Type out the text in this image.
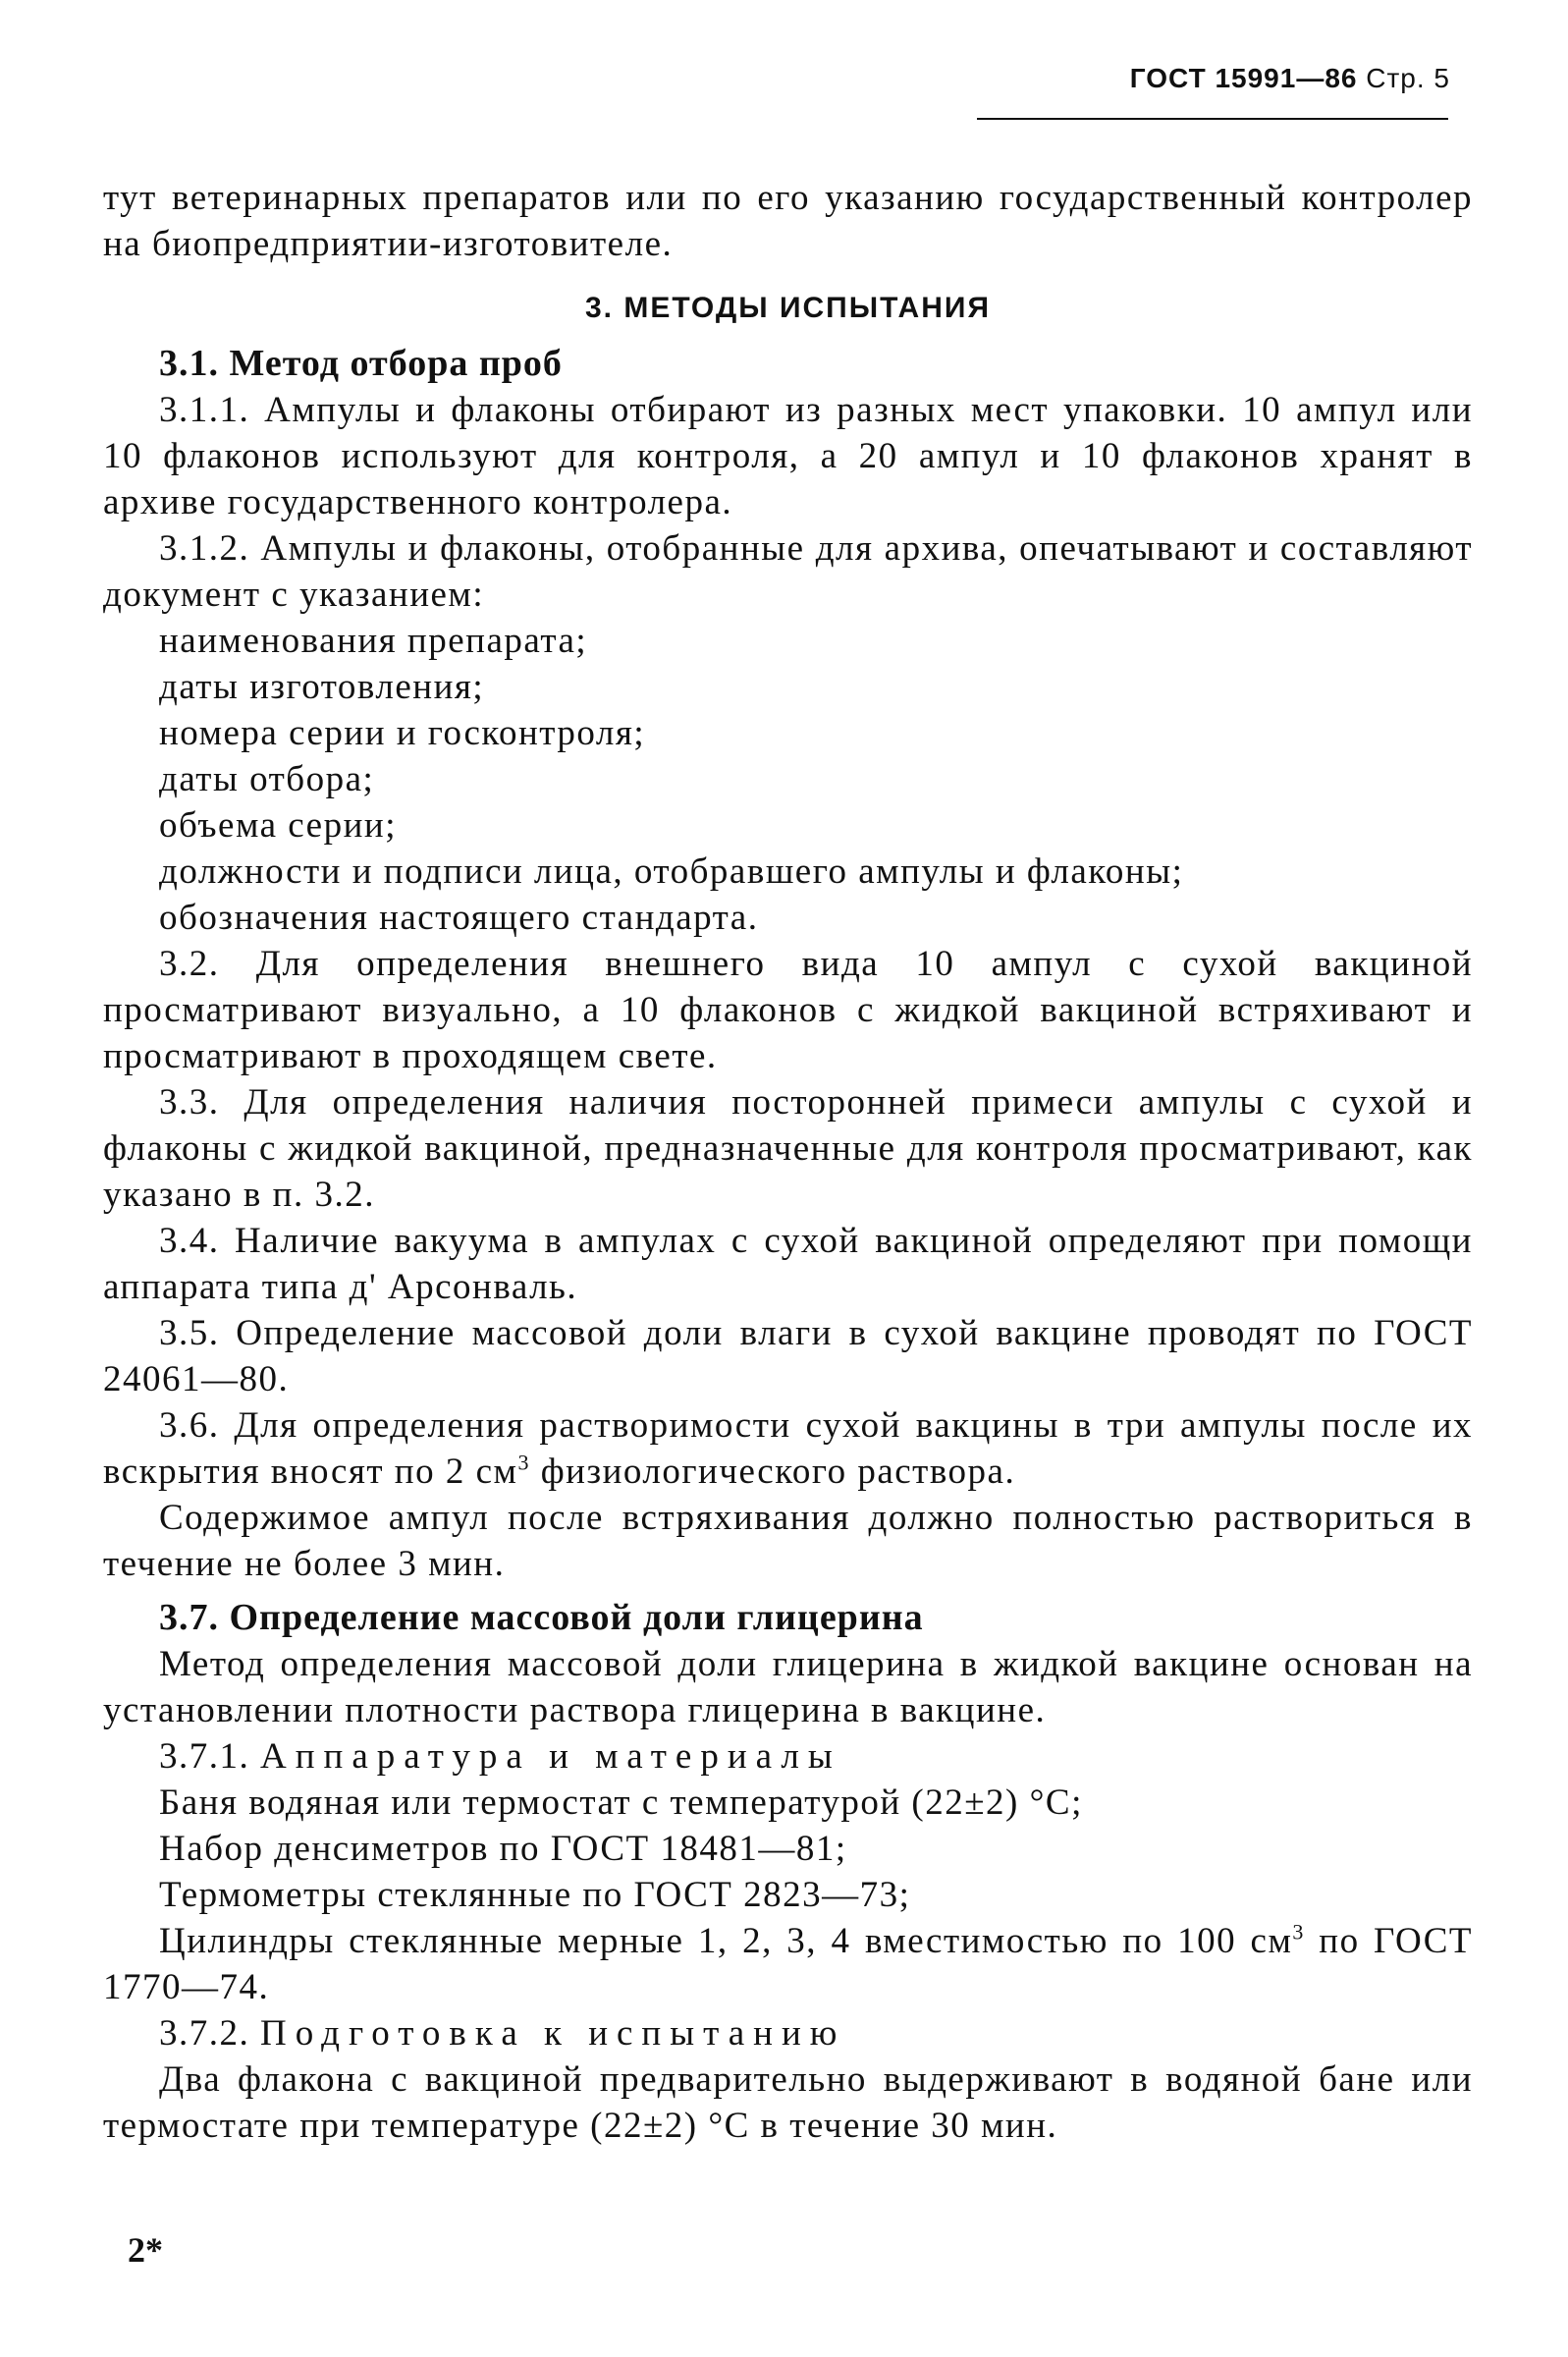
ГОСТ 15991—86 Стр. 5

тут ветеринарных препаратов или по его указанию государственный контролер на биопредприятии-изготовителе.

3. МЕТОДЫ ИСПЫТАНИЯ
3.1. Метод отбора проб

3.1.1. Ампулы и флаконы отбирают из разных мест упаковки. 10 ампул или 10 флаконов используют для контроля, а 20 ампул и 10 флаконов хранят в архиве государственного контролера.

3.1.2. Ампулы и флаконы, отобранные для архива, опечатывают и составляют документ с указанием:

наименования препарата;

даты изготовления;

номера серии и госконтроля;

даты отбора;

объема серии;

должности и подписи лица, отобравшего ампулы и флаконы;

обозначения настоящего стандарта.

3.2. Для определения внешнего вида 10 ампул с сухой вакциной просматривают визуально, а 10 флаконов с жидкой вакциной встряхивают и просматривают в проходящем свете.

3.3. Для определения наличия посторонней примеси ампулы с сухой и флаконы с жидкой вакциной, предназначенные для контроля просматривают, как указано в п. 3.2.

3.4. Наличие вакуума в ампулах с сухой вакциной определяют при помощи аппарата типа д' Арсонваль.

3.5. Определение массовой доли влаги в сухой вакцине проводят по ГОСТ 24061—80.

3.6. Для определения растворимости сухой вакцины в три ампулы после их вскрытия вносят по 2 $см^3$ физиологического раствора.

Содержимое ампул после встряхивания должно полностью раствориться в течение не более 3 мин.

3.7. Определение массовой доли глицерина

Метод определения массовой доли глицерина в жидкой вакцине основан на установлении плотности раствора глицерина в вакцине.

3.7.1. Аппаратура и материалы

Баня водяная или термостат с температурой (22±2) °С;

Набор денсиметров по ГОСТ 18481—81;

Термометры стеклянные по ГОСТ 2823—73;

Цилиндры стеклянные мерные 1, 2, 3, 4 вместимостью по 100 $см^3$ по ГОСТ 1770—74.

3.7.2. Подготовка к испытанию

Два флакона с вакциной предварительно выдерживают в водяной бане или термостате при температуре (22±2) °С в течение 30 мин.

2*
